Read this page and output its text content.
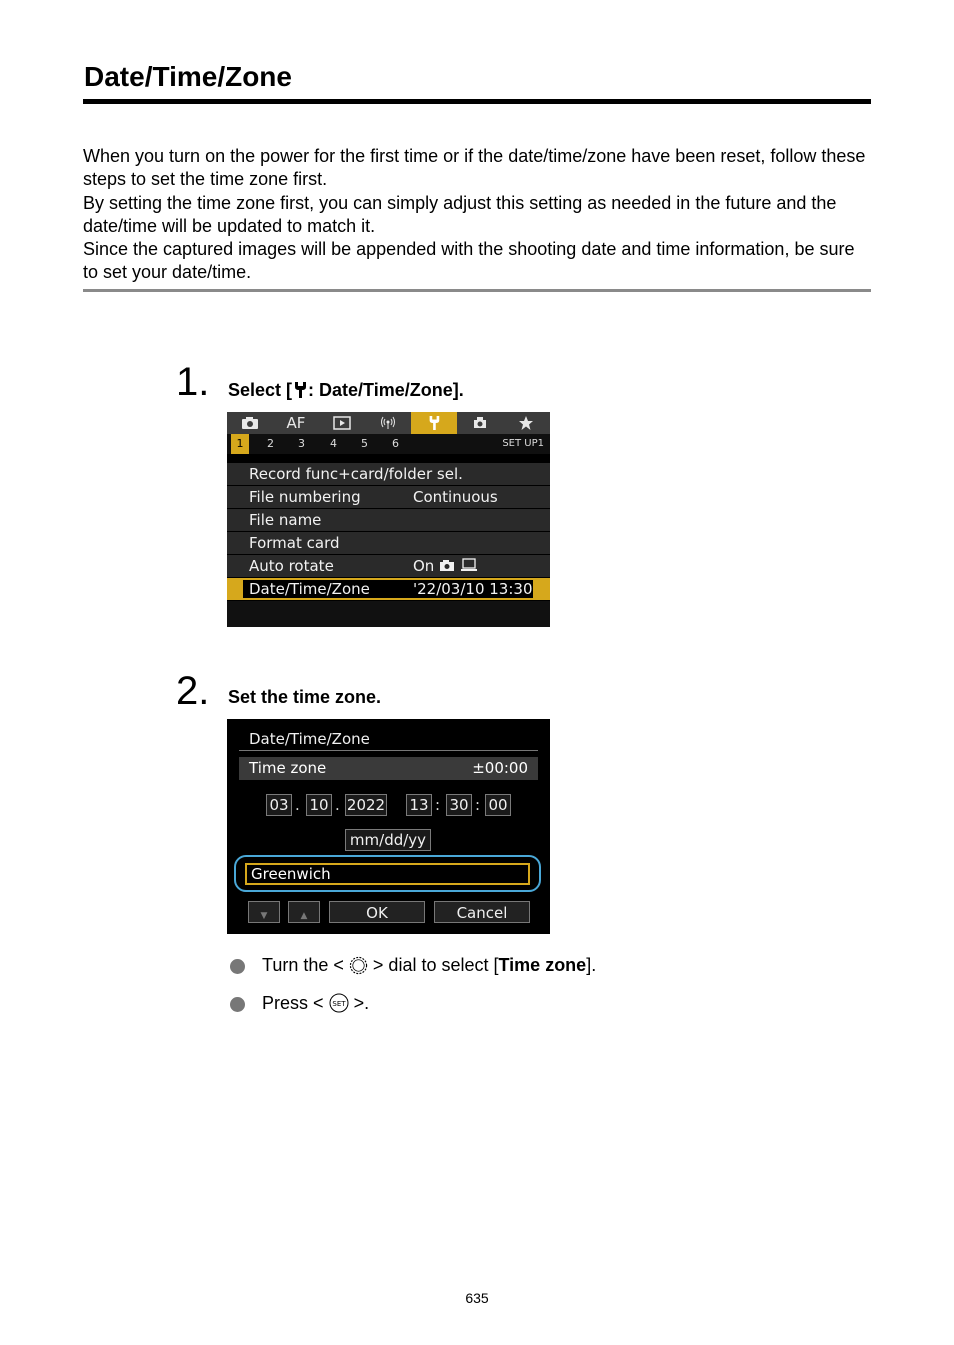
Date/Time/Zone

When you turn on the power for the first time or if the date/time/zone have been reset, follow these steps to set the time zone first.

By setting the time zone first, you can simply adjust this setting as needed in the future and the date/time will be updated to match it.

Since the captured images will be appended with the shooting date and time information, be sure to set your date/time.

1. Select [ : Date/Time/Zone].
AF
1	2 3 4 5 6	SET UP1
Record func+card/folder sel.
File numbering	Continuous
File name
Format card
Auto rotate	On
Date/Time/Zone	'22/03/10 13:30
2. Set the time zone.
Date/Time/Zone
Time zone	±00:00
03 . 10 . 2022 13 : 30 : 00
mm/dd/yy
Greenwich
▼	▲	OK	Cancel
Turn the < > dial to select [Time zone].
Press < SET >.
635
